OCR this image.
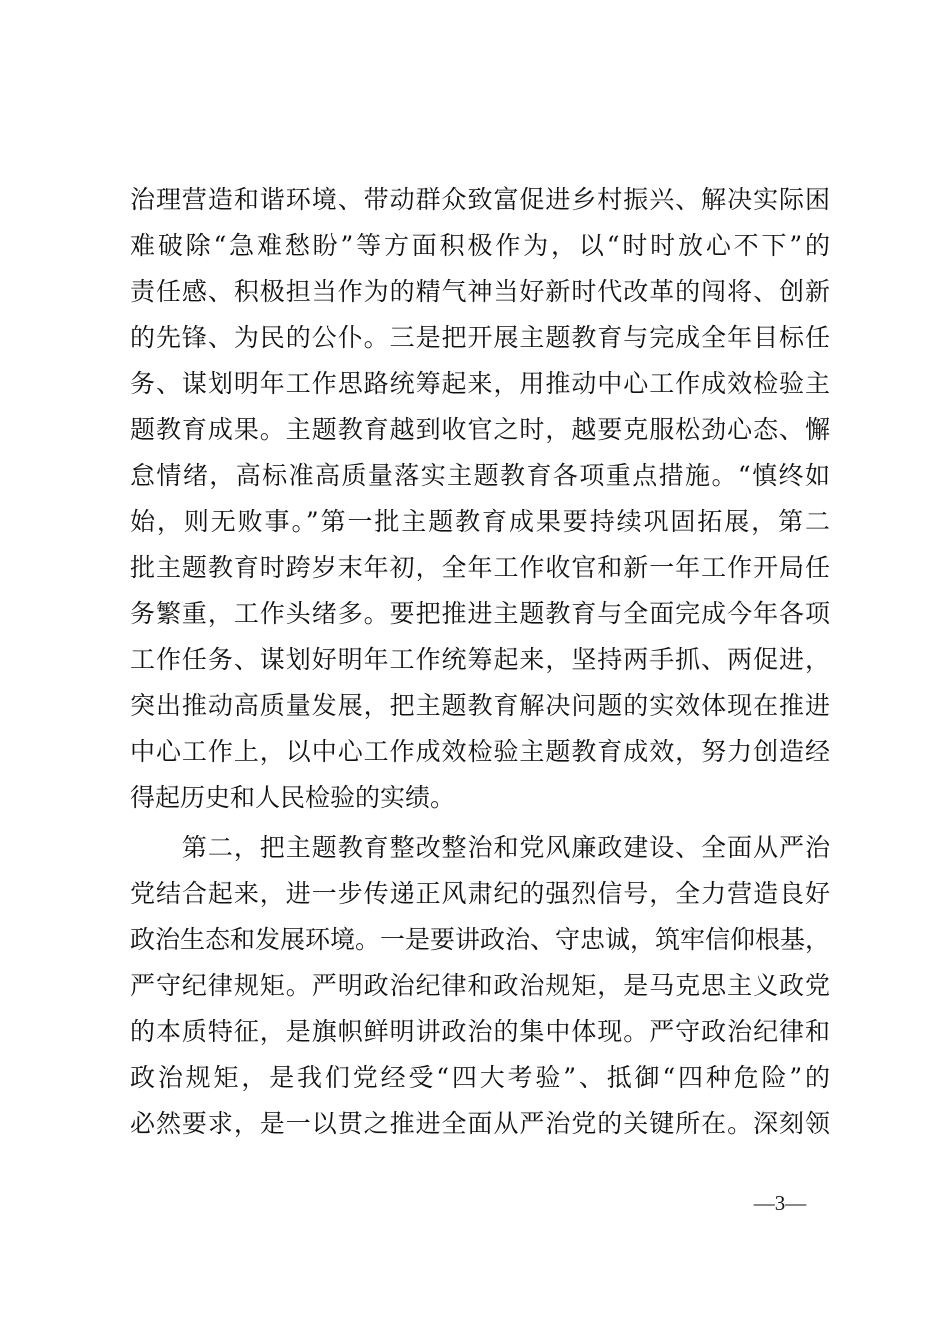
治理营造和谐环境、带动群众致富促进乡村振兴、解决实际困
难破除“急难愁盼”等方面积极作为，以“时时放心不下”的
责任感、积极担当作为的精气神当好新时代改革的闯将、创新
的先锋、为民的公仆。三是把开展主题教育与完成全年目标任
务、谋划明年工作思路统筹起来，用推动中心工作成效检验主
题教育成果。主题教育越到收官之时，越要克服松劲心态、懈
怠情绪，高标准高质量落实主题教育各项重点措施。“慎终如
始，则无败事。”第一批主题教育成果要持续巩固拓展，第二
批主题教育时跨岁末年初，全年工作收官和新一年工作开局任
务繁重，工作头绪多。要把推进主题教育与全面完成今年各项
工作任务、谋划好明年工作统筹起来，坚持两手抓、两促进，
突出推动高质量发展，把主题教育解决问题的实效体现在推进
中心工作上，以中心工作成效检验主题教育成效，努力创造经
得起历史和人民检验的实绩。
　　第二，把主题教育整改整治和党风廉政建设、全面从严治
党结合起来，进一步传递正风肃纪的强烈信号，全力营造良好
政治生态和发展环境。一是要讲政治、守忠诚，筑牢信仰根基，
严守纪律规矩。严明政治纪律和政治规矩，是马克思主义政党
的本质特征，是旗帜鲜明讲政治的集中体现。严守政治纪律和
政治规矩，是我们党经受“四大考验”、抵御“四种危险”的
必然要求，是一以贯之推进全面从严治党的关键所在。深刻领
—3—
